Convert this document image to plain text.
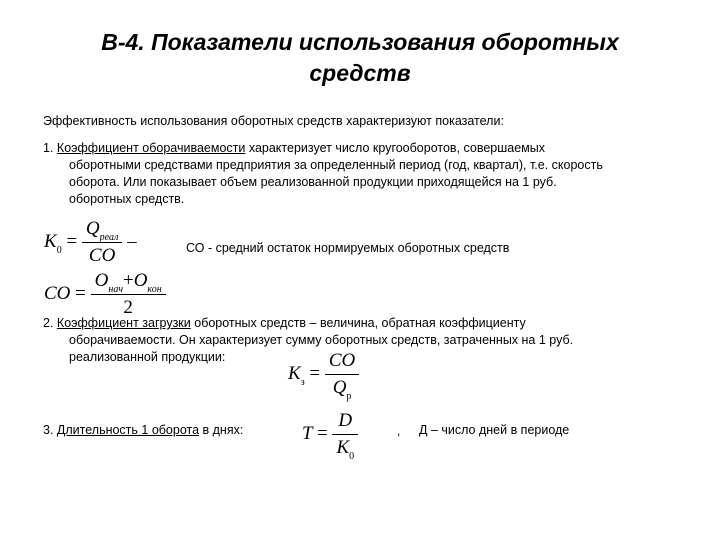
В-4. Показатели использования оборотных средств
Эффективность использования оборотных средств характеризуют показатели:
1. Коэффициент оборачиваемости характеризует число кругооборотов, совершаемых
оборотными средствами предприятия за определенный период (год, квартал), т.е. скорость
оборота. Или показывает объем реализованной продукции приходящейся на 1 руб.
оборотных средств.
$K_0 = \frac{Q_{реал}}{CO}$ –	СО - средний остаток нормируемых оборотных средств
CO = $\frac{O_{нач}+O_{кон}}{2}$
2. Коэффициент загрузки оборотных средств – величина, обратная коэффициенту
оборачиваемости. Он характеризует сумму оборотных средств, затраченных на 1 руб.
реализованной продукции:
$K_з = \frac{CO}{Q_р}$
3. Длительность 1 оборота в днях:	$T = \frac{D}{K_0}$	, Д – число дней в периоде
